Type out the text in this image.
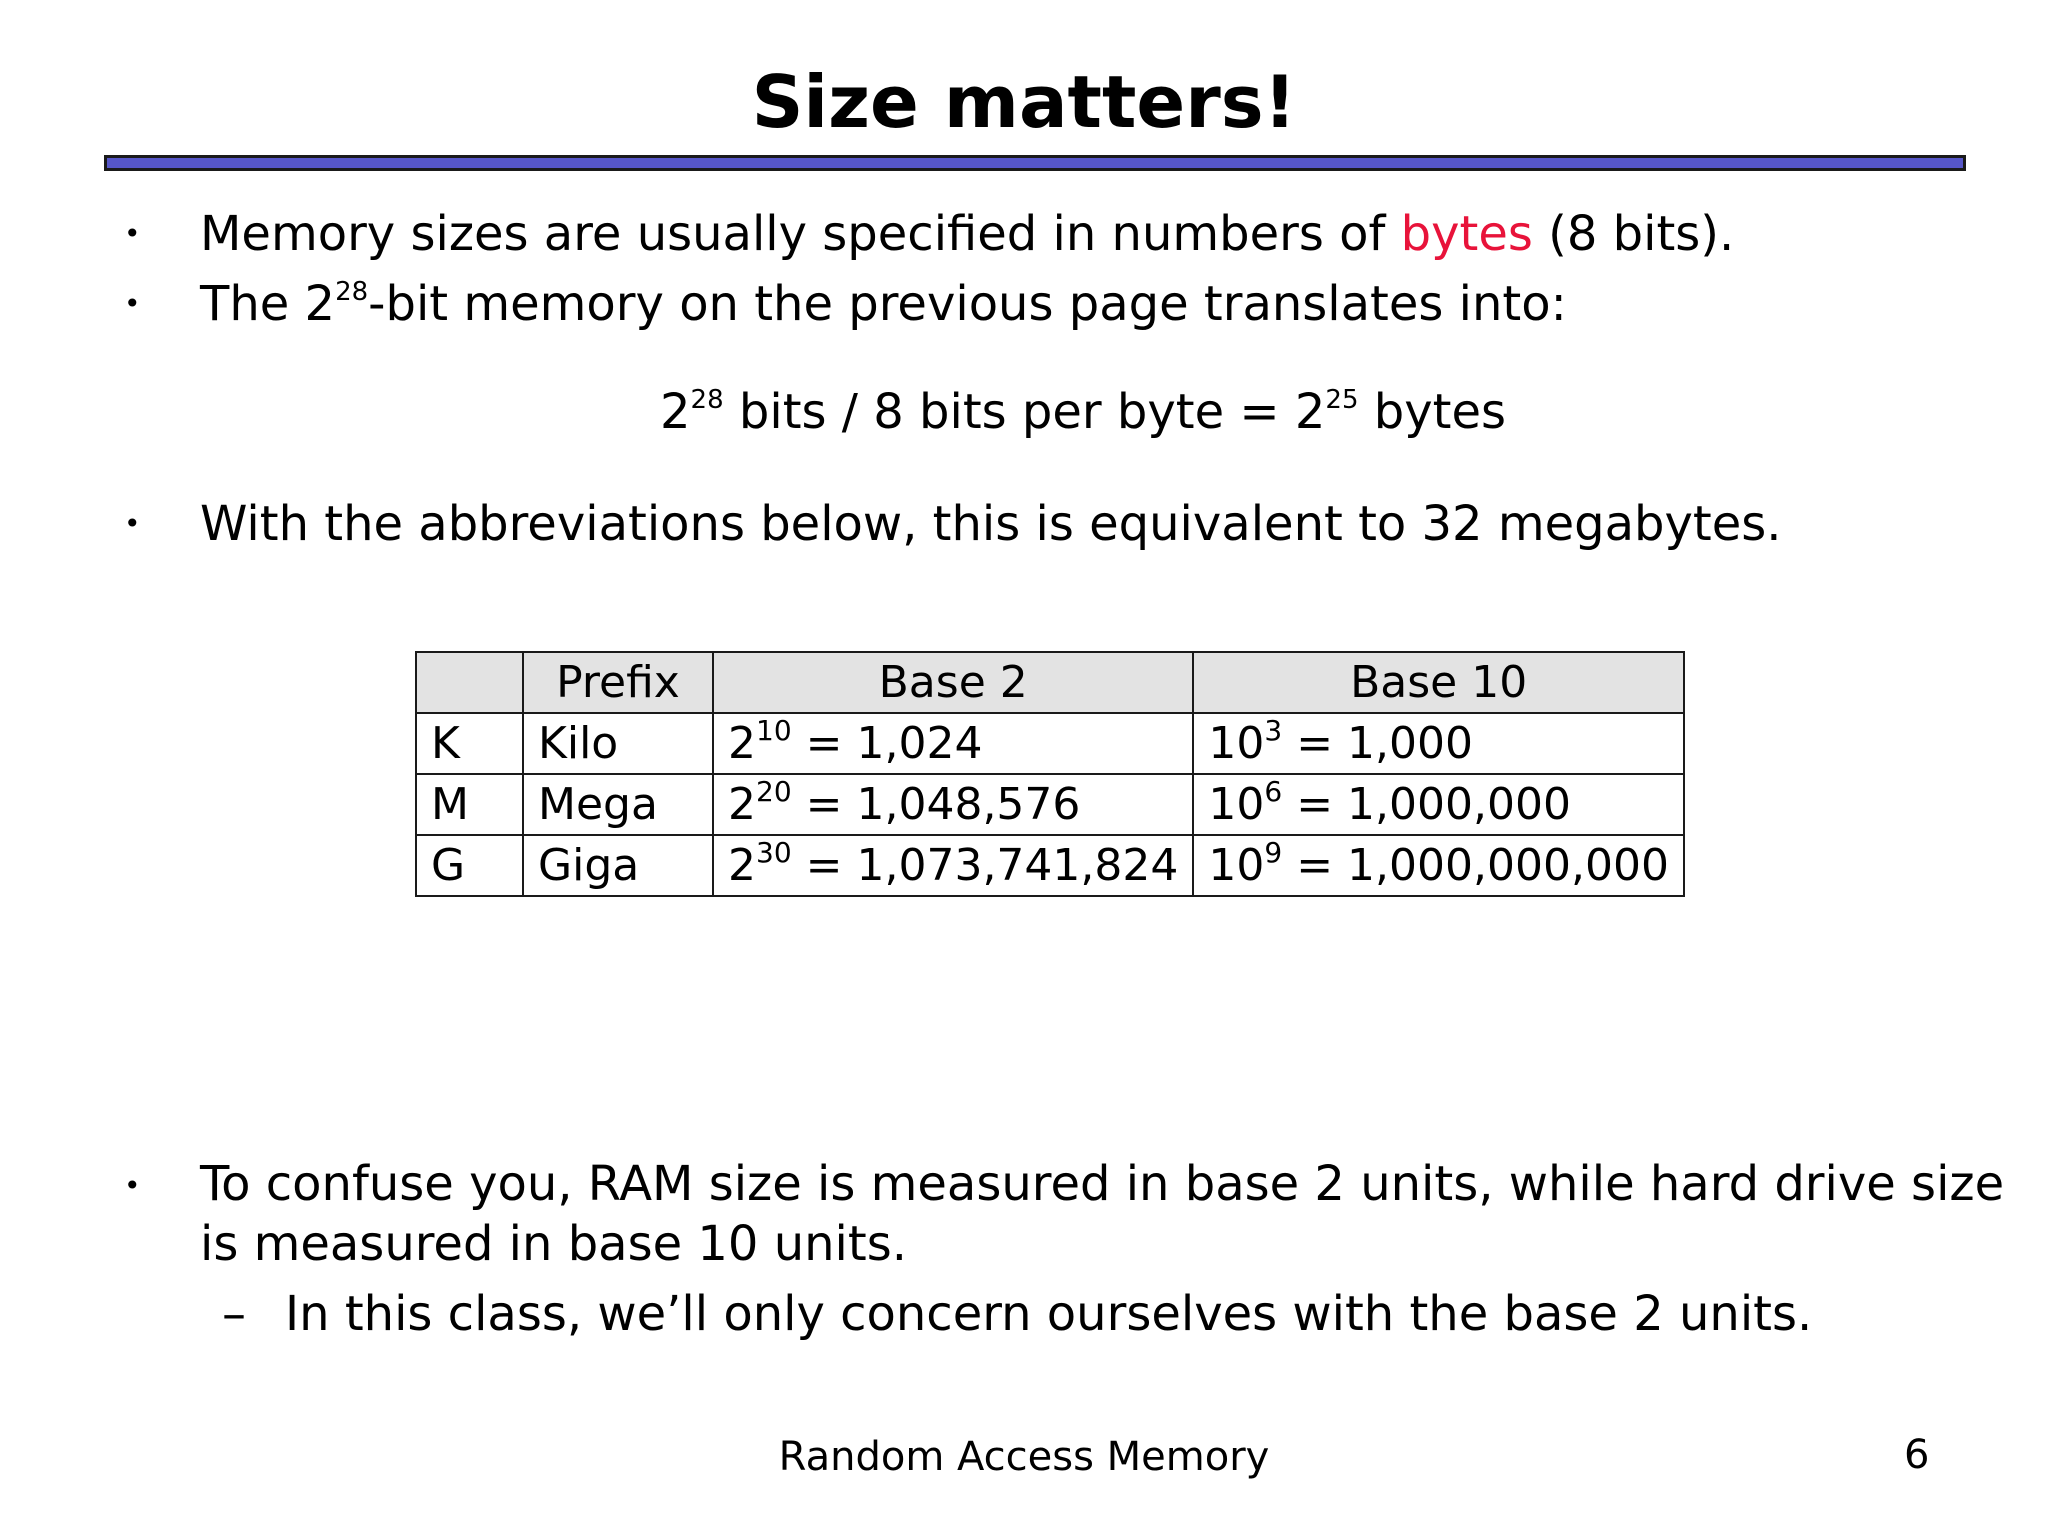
Size matters!
• Memory sizes are usually specified in numbers of bytes (8 bits).
• The $2^{28}$-bit memory on the previous page translates into:
$2^{28}$ bits / 8 bits per byte = $2^{25}$ bytes
• With the abbreviations below, this is equivalent to 32 megabytes.
	Prefix	Base 2	Base 10
K	Kilo	$2^{10} = 1,024$	$10^3 = 1,000$
M	Mega	$2^{20} = 1,048,576$	$10^6 = 1,000,000$
G	Giga	$2^{30} = 1,073,741,824$	$10^9 = 1,000,000,000$
• To confuse you, RAM size is measured in base 2 units, while hard drive size
is measured in base 10 units.
– In this class, we’ll only concern ourselves with the base 2 units.
Random Access Memory	6
